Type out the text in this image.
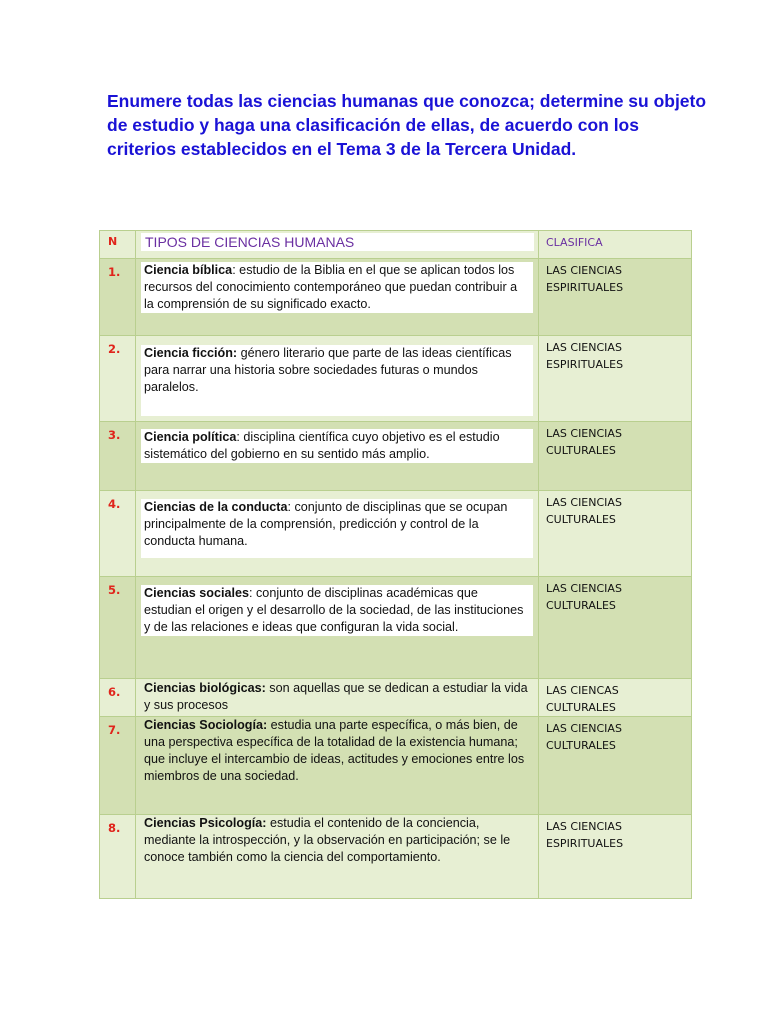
Enumere todas las ciencias humanas que conozca; determine su objeto de estudio y haga una clasificación de ellas, de acuerdo con los criterios establecidos en el Tema 3 de la Tercera Unidad.

N	TIPOS DE CIENCIAS HUMANAS	CLASIFICA

1.	Ciencia bíblica: estudio de la Biblia en el que se aplican todos los recursos del conocimiento contemporáneo que puedan contribuir a la comprensión de su significado exacto.	LAS CIENCIAS
ESPIRITUALES

2.	Ciencia ficción: género literario que parte de las ideas científicas para narrar una historia sobre sociedades futuras o mundos paralelos.	LAS CIENCIAS
ESPIRITUALES

3.	Ciencia política: disciplina científica cuyo objetivo es el estudio sistemático del gobierno en su sentido más amplio.	LAS CIENCIAS
CULTURALES

4.	Ciencias de la conducta: conjunto de disciplinas que se ocupan principalmente de la comprensión, predicción y control de la conducta humana.	LAS CIENCIAS
CULTURALES

5.	Ciencias sociales: conjunto de disciplinas académicas que estudian el origen y el desarrollo de la sociedad, de las instituciones y de las relaciones e ideas que configuran la vida social.	LAS CIENCIAS
CULTURALES

6.	Ciencias biológicas: son aquellas que se dedican a estudiar la vida y sus procesos	LAS CIENCAS
CULTURALES

7.	Ciencias Sociología: estudia una parte específica, o más bien, de una perspectiva específica de la totalidad de la existencia humana; que incluye el intercambio de ideas, actitudes y emociones entre los miembros de una sociedad.	LAS CIENCIAS
CULTURALES

8.	Ciencias Psicología: estudia el contenido de la conciencia, mediante la introspección, y la observación en participación; se le conoce también como la ciencia del comportamiento.	LAS CIENCIAS
ESPIRITUALES
